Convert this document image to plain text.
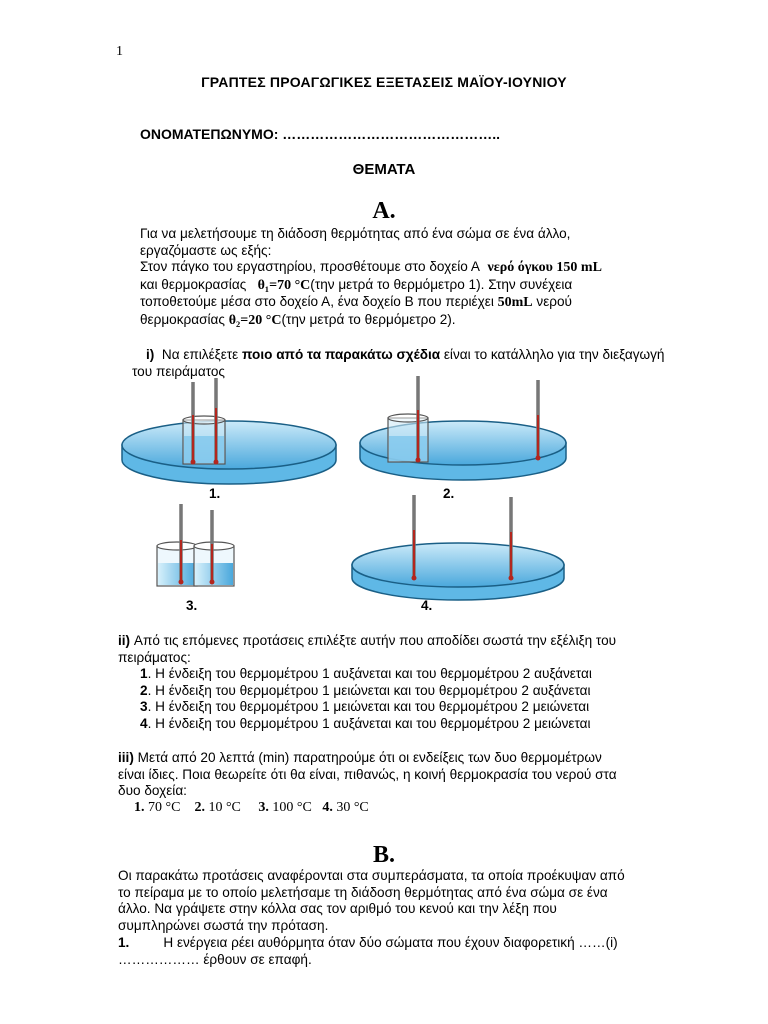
1
ΓΡΑΠΤΕΣ ΠΡΟΑΓΩΓΙΚΕΣ ΕΞΕΤΑΣΕΙΣ ΜΑΪΟΥ-ΙΟΥΝΙΟΥ
ΟΝΟΜΑΤΕΠΩΝΥΜΟ: ………………………………………..
ΘΕΜΑΤΑ
Α.
Για να μελετήσουμε τη διάδοση θερμότητας από ένα σώμα σε ένα άλλο,
εργαζόμαστε ως εξής:
Στον πάγκο του εργαστηρίου, προσθέτουμε στο δοχείο Α νερό όγκου 150 mL
και θερμοκρασίας θ₁=70 °C(την μετρά το θερμόμετρο 1). Στην συνέχεια
τοποθετούμε μέσα στο δοχείο Α, ένα δοχείο Β που περιέχει 50mL νερού
θερμοκρασίας θ₂=20 °C(την μετρά το θερμόμετρο 2).
i) Να επιλέξετε ποιο από τα παρακάτω σχέδια είναι το κατάλληλο για την διεξαγωγή
του πειράματος
1.	2.
3.	4.
ii) Από τις επόμενες προτάσεις επιλέξτε αυτήν που αποδίδει σωστά την εξέλιξη του
πειράματος:
1. Η ένδειξη του θερμομέτρου 1 αυξάνεται και του θερμομέτρου 2 αυξάνεται
2. Η ένδειξη του θερμομέτρου 1 μειώνεται και του θερμομέτρου 2 αυξάνεται
3. Η ένδειξη του θερμομέτρου 1 μειώνεται και του θερμομέτρου 2 μειώνεται
4. Η ένδειξη του θερμομέτρου 1 αυξάνεται και του θερμομέτρου 2 μειώνεται
iii) Μετά από 20 λεπτά (min) παρατηρούμε ότι οι ενδείξεις των δυο θερμομέτρων
είναι ίδιες. Ποια θεωρείτε ότι θα είναι, πιθανώς, η κοινή θερμοκρασία του νερού στα
δυο δοχεία:
1. 70 °C 2. 10 °C 3. 100 °C 4. 30 °C
Β.
Οι παρακάτω προτάσεις αναφέρονται στα συμπεράσματα, τα οποία προέκυψαν από
το πείραμα με το οποίο μελετήσαμε τη διάδοση θερμότητας από ένα σώμα σε ένα
άλλο. Να γράψετε στην κόλλα σας τον αριθμό του κενού και την λέξη που
συμπληρώνει σωστά την πρόταση.
1.	Η ενέργεια ρέει αυθόρμητα όταν δύο σώματα που έχουν διαφορετική ……(i)
……………… έρθουν σε επαφή.
